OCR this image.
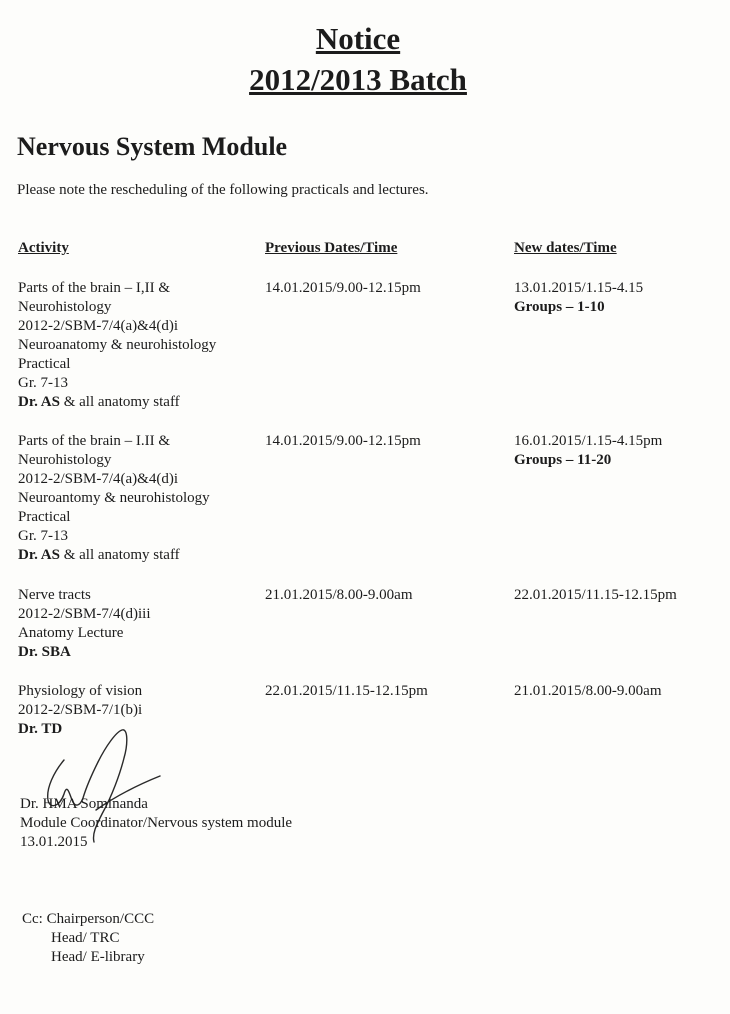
Notice
2012/2013 Batch
Nervous System Module
Please note the rescheduling of the following practicals and lectures.
Activity	Previous Dates/Time	New dates/Time
Parts of the brain – I,II &
Neurohistology
2012-2/SBM-7/4(a)&4(d)i
Neuroanatomy & neurohistology
Practical
Gr. 7-13
Dr. AS & all anatomy staff
14.01.2015/9.00-12.15pm	13.01.2015/1.15-4.15
Groups – 1-10
Parts of the brain – I.II &
Neurohistology
2012-2/SBM-7/4(a)&4(d)i
Neuroantomy & neurohistology
Practical
Gr. 7-13
Dr. AS & all anatomy staff
14.01.2015/9.00-12.15pm	16.01.2015/1.15-4.15pm
Groups – 11-20
Nerve tracts
2012-2/SBM-7/4(d)iii
Anatomy Lecture
Dr. SBA
21.01.2015/8.00-9.00am	22.01.2015/11.15-12.15pm
Physiology of vision
2012-2/SBM-7/1(b)i
Dr. TD
22.01.2015/11.15-12.15pm	21.01.2015/8.00-9.00am
Dr. HMA Sominanda
Module Coordinator/Nervous system module
13.01.2015
Cc: Chairperson/CCC
Head/ TRC
Head/ E-library
